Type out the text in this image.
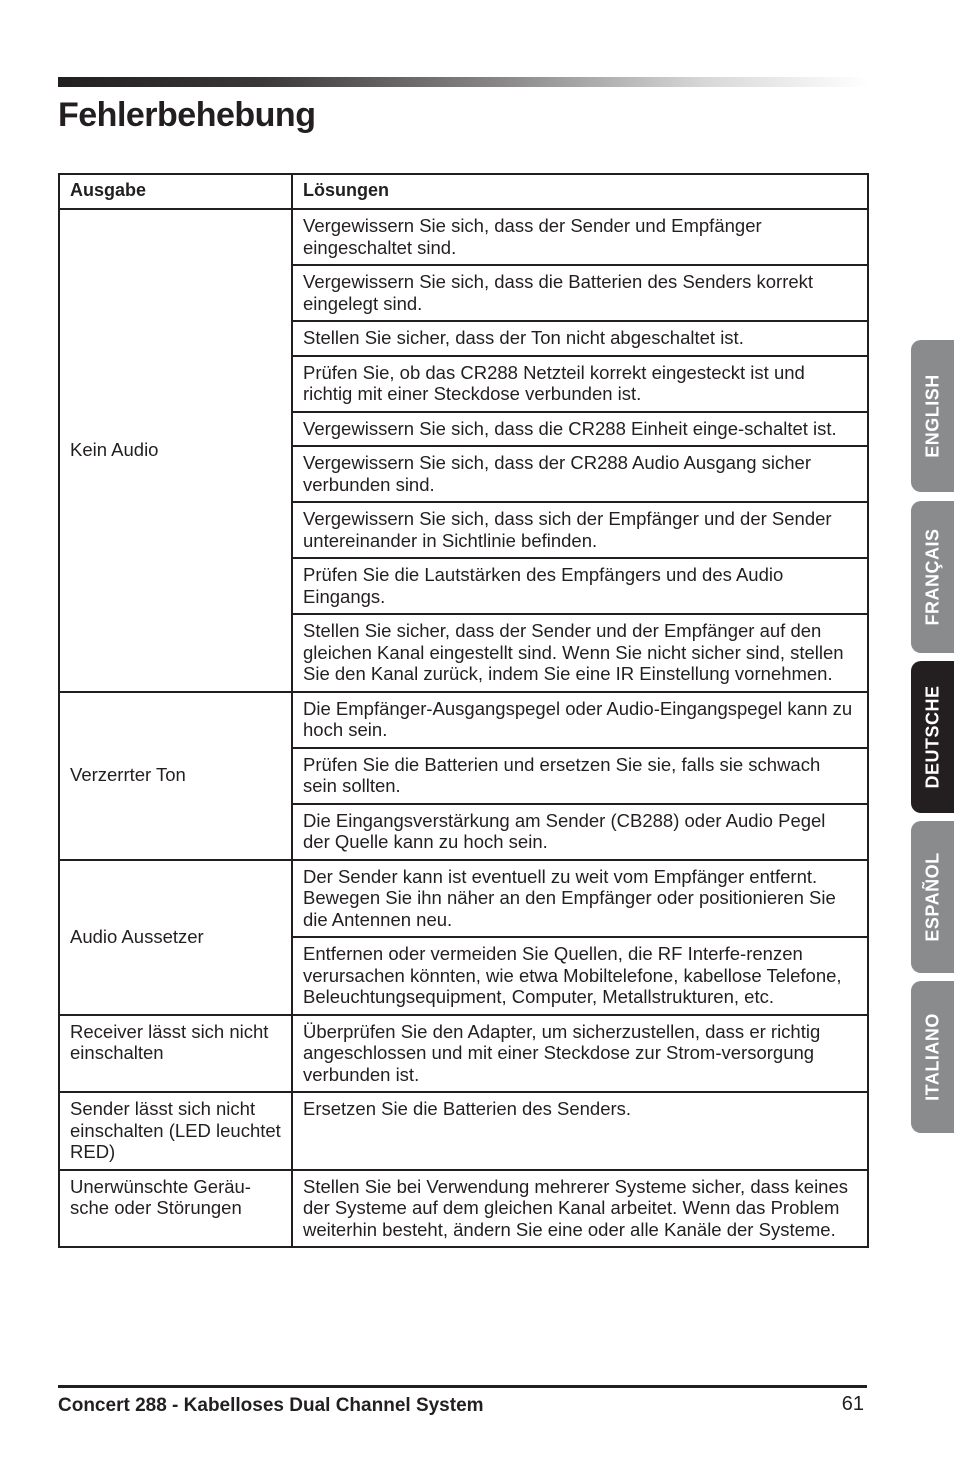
Fehlerbehebung
Ausgabe	Lösungen
Kein Audio	Vergewissern Sie sich, dass der Sender und Empfänger eingeschaltet sind.
	Vergewissern Sie sich, dass die Batterien des Senders korrekt eingelegt sind.
	Stellen Sie sicher, dass der Ton nicht abgeschaltet ist.
	Prüfen Sie, ob das CR288 Netzteil korrekt eingesteckt ist und richtig mit einer Steckdose verbunden ist.
	Vergewissern Sie sich, dass die CR288 Einheit einge-schaltet ist.
	Vergewissern Sie sich, dass der CR288 Audio Ausgang sicher verbunden sind.
	Vergewissern Sie sich, dass sich der Empfänger und der Sender untereinander in Sichtlinie befinden.
	Prüfen Sie die Lautstärken des Empfängers und des Audio Eingangs.
	Stellen Sie sicher, dass der Sender und der Empfänger auf den gleichen Kanal eingestellt sind. Wenn Sie nicht sicher sind, stellen Sie den Kanal zurück, indem Sie eine IR Einstellung vornehmen.
Verzerrter Ton	Die Empfänger-Ausgangspegel oder Audio-Eingangspegel kann zu hoch sein.
	Prüfen Sie die Batterien und ersetzen Sie sie, falls sie schwach sein sollten.
	Die Eingangsverstärkung am Sender (CB288) oder Audio Pegel der Quelle kann zu hoch sein.
Audio Aussetzer	Der Sender kann ist eventuell zu weit vom Empfänger entfernt. Bewegen Sie ihn näher an den Empfänger oder positionieren Sie die Antennen neu.
	Entfernen oder vermeiden Sie Quellen, die RF Interfe-renzen verursachen könnten, wie etwa Mobiltelefone, kabellose Telefone, Beleuchtungsequipment, Computer, Metallstrukturen, etc.
Receiver lässt sich nicht einschalten	Überprüfen Sie den Adapter, um sicherzustellen, dass er richtig angeschlossen und mit einer Steckdose zur Strom-versorgung verbunden ist.
Sender lässt sich nicht einschalten (LED leuchtet RED)	Ersetzen Sie die Batterien des Senders.
Unerwünschte Geräu-sche oder Störungen	Stellen Sie bei Verwendung mehrerer Systeme sicher, dass keines der Systeme auf dem gleichen Kanal arbeitet. Wenn das Problem weiterhin besteht, ändern Sie eine oder alle Kanäle der Systeme.
ENGLISH
FRANÇAIS
DEUTSCHE
ESPAÑOL
ITALIANO
Concert 288 - Kabelloses Dual Channel System	61
